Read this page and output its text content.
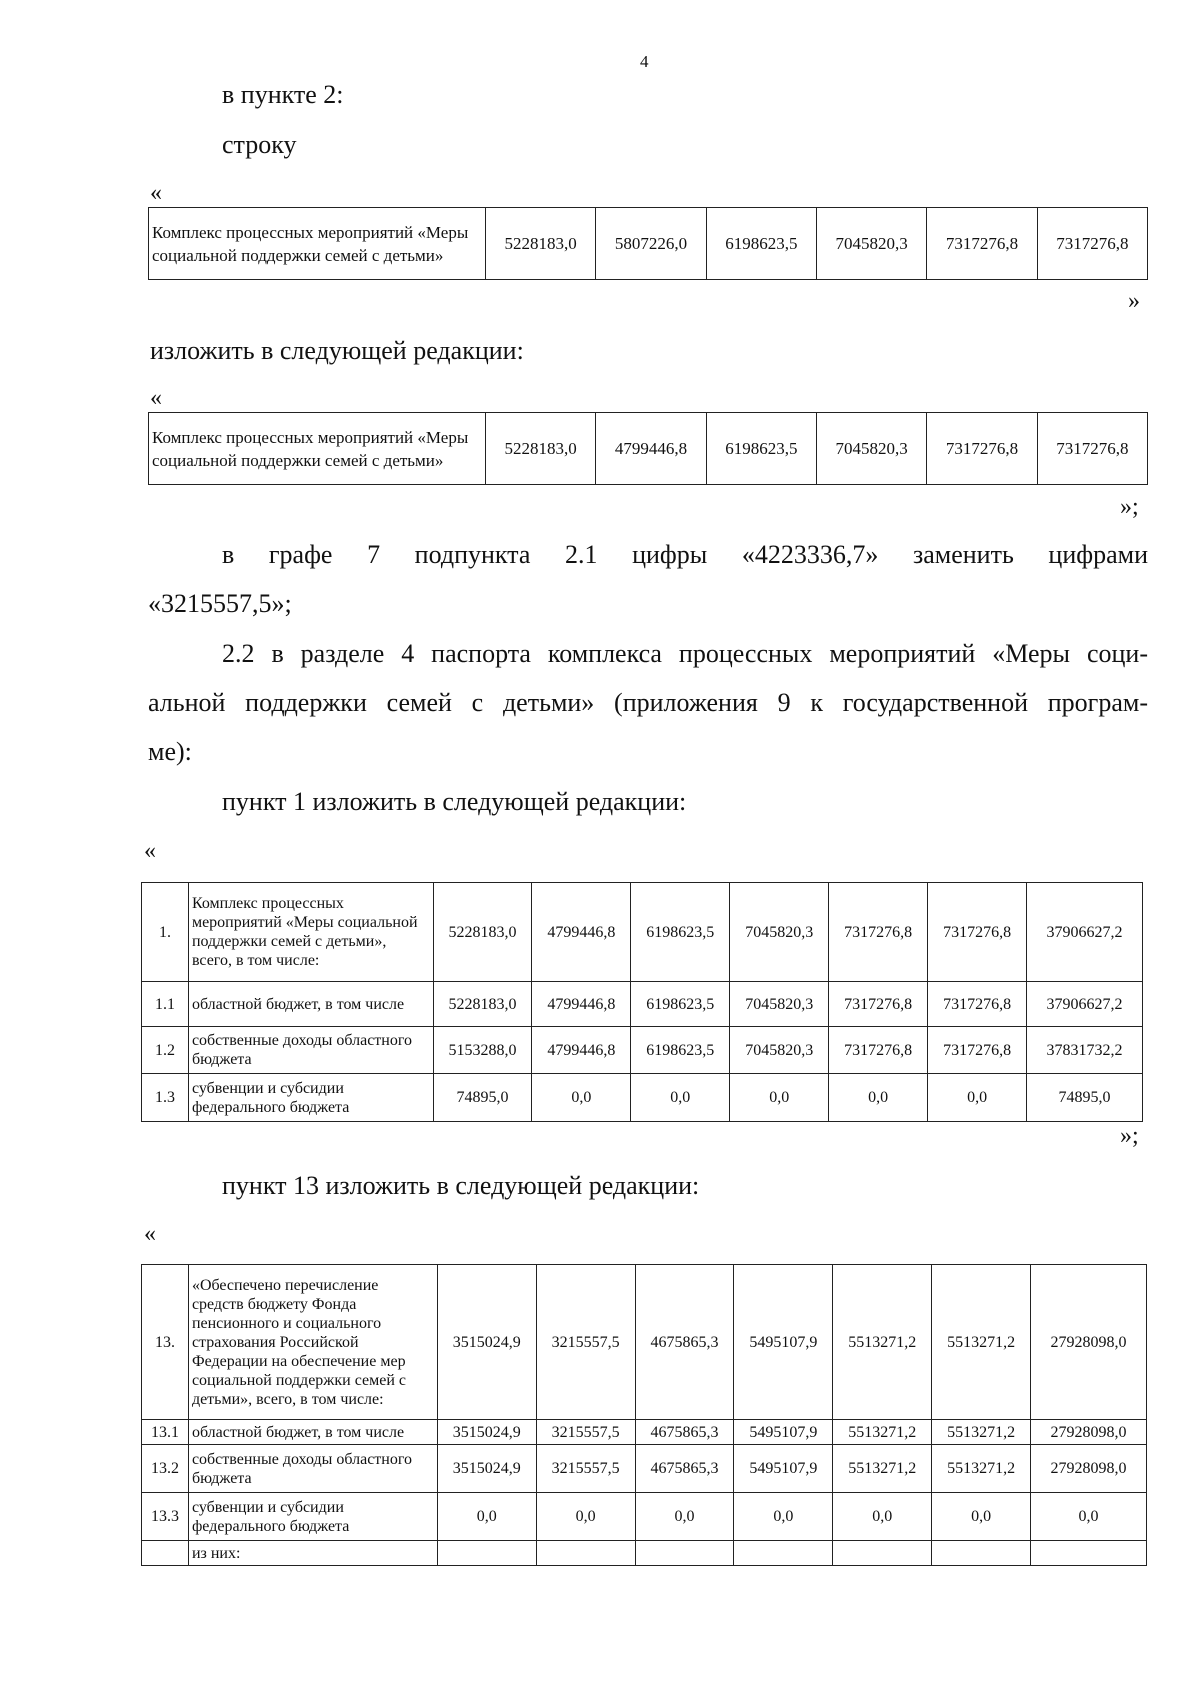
4
в пункте 2:
строку
«
Комплекс процессных мероприятий «Меры социальной поддержки семей с детьми»	5228183,0	5807226,0	6198623,5	7045820,3	7317276,8	7317276,8
»
изложить в следующей редакции:
«
Комплекс процессных мероприятий «Меры социальной поддержки семей с детьми»	5228183,0	4799446,8	6198623,5	7045820,3	7317276,8	7317276,8
»;
в графе 7 подпункта 2.1 цифры «4223336,7» заменить цифрами
«3215557,5»;
2.2 в разделе 4 паспорта комплекса процессных мероприятий «Меры соци-
альной поддержки семей с детьми» (приложения 9 к государственной програм-
ме):
пункт 1 изложить в следующей редакции:
«
1.	Комплекс процессных мероприятий «Меры социальной поддержки семей с детьми», всего, в том числе:	5228183,0	4799446,8	6198623,5	7045820,3	7317276,8	7317276,8	37906627,2
1.1	областной бюджет, в том числе	5228183,0	4799446,8	6198623,5	7045820,3	7317276,8	7317276,8	37906627,2
1.2	собственные доходы областного бюджета	5153288,0	4799446,8	6198623,5	7045820,3	7317276,8	7317276,8	37831732,2
1.3	субвенции и субсидии федерального бюджета	74895,0	0,0	0,0	0,0	0,0	0,0	74895,0
»;
пункт 13 изложить в следующей редакции:
«
13.	«Обеспечено перечисление средств бюджету Фонда пенсионного и социального страхования Российской Федерации на обеспечение мер социальной поддержки семей с детьми», всего, в том числе:	3515024,9	3215557,5	4675865,3	5495107,9	5513271,2	5513271,2	27928098,0
13.1	областной бюджет, в том числе	3515024,9	3215557,5	4675865,3	5495107,9	5513271,2	5513271,2	27928098,0
13.2	собственные доходы областного бюджета	3515024,9	3215557,5	4675865,3	5495107,9	5513271,2	5513271,2	27928098,0
13.3	субвенции и субсидии федерального бюджета	0,0	0,0	0,0	0,0	0,0	0,0	0,0
	из них:							
